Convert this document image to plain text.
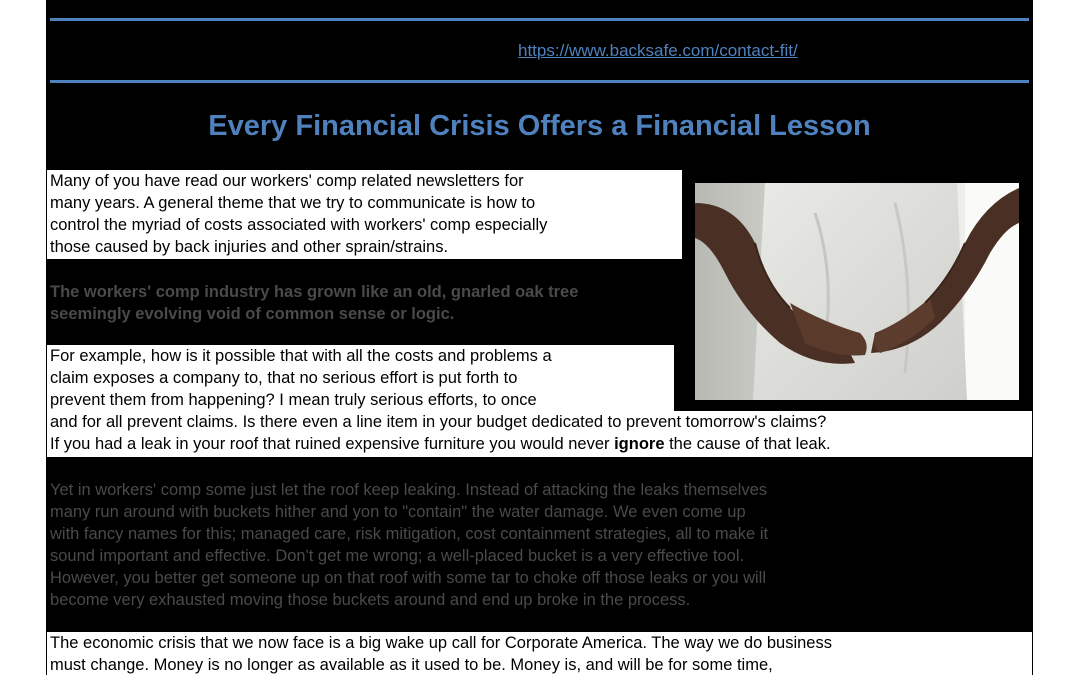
https://www.backsafe.com/contact-fit/
Every Financial Crisis Offers a Financial Lesson
Many of you have read our workers' comp related newsletters for
many years. A general theme that we try to communicate is how to
control the myriad of costs associated with workers' comp especially
those caused by back injuries and other sprain/strains.
The workers' comp industry has grown like an old, gnarled oak tree
seemingly evolving void of common sense or logic.
For example, how is it possible that with all the costs and problems a
claim exposes a company to, that no serious effort is put forth to
prevent them from happening? I mean truly serious efforts, to once
and for all prevent claims. Is there even a line item in your budget dedicated to prevent tomorrow's claims?
If you had a leak in your roof that ruined expensive furniture you would never ignore the cause of that leak.
Yet in workers' comp some just let the roof keep leaking. Instead of attacking the leaks themselves
many run around with buckets hither and yon to "contain" the water damage. We even come up
with fancy names for this; managed care, risk mitigation, cost containment strategies, all to make it
sound important and effective. Don't get me wrong; a well-placed bucket is a very effective tool.
However, you better get someone up on that roof with some tar to choke off those leaks or you will
become very exhausted moving those buckets around and end up broke in the process.
The economic crisis that we now face is a big wake up call for Corporate America. The way we do business
must change. Money is no longer as available as it used to be. Money is, and will be for some time,
